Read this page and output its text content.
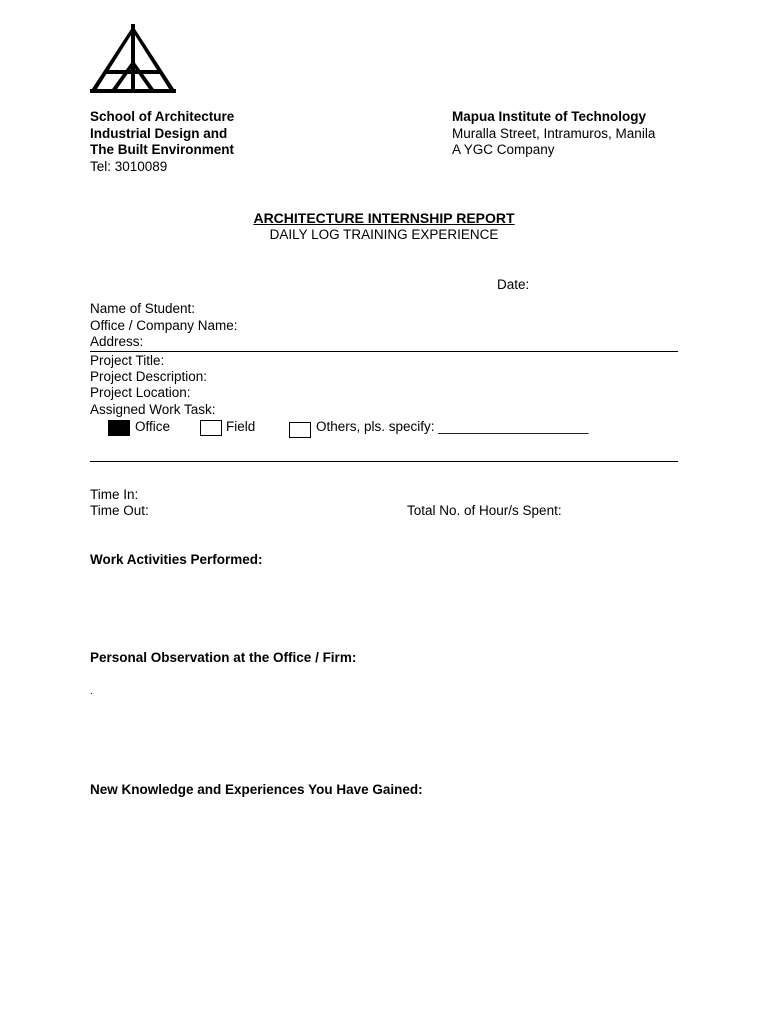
School of Architecture
Industrial Design and
The Built Environment
Tel: 3010089
Mapua Institute of Technology
Muralla Street, Intramuros, Manila
A YGC Company
ARCHITECTURE INTERNSHIP REPORT
DAILY LOG TRAINING EXPERIENCE
Date:
Name of Student:
Office / Company Name:
Address:
Project Title:
Project Description:
Project Location:
Assigned Work Task:
Office	Field	Others, pls. specify: ____________________
Time In:
Time Out:	Total No. of Hour/s Spent:
Work Activities Performed:
Personal Observation at the Office / Firm:
.
New Knowledge and Experiences You Have Gained:
